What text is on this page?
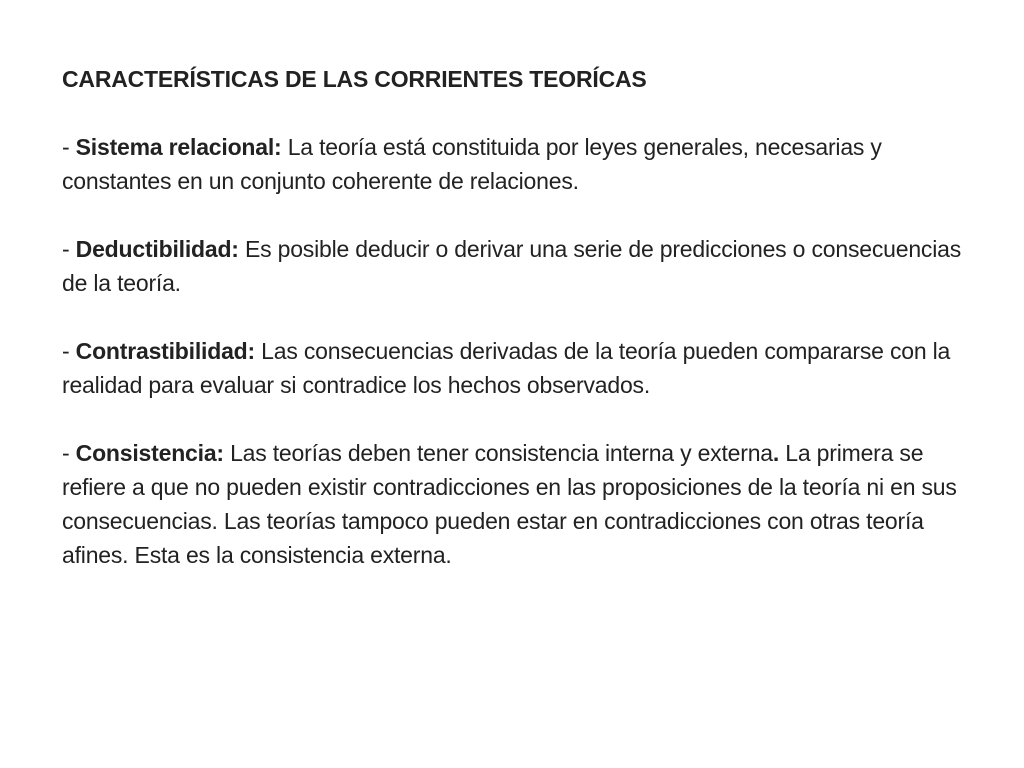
CARACTERÍSTICAS DE LAS CORRIENTES TEORÍCAS
- Sistema relacional: La teoría está constituida por leyes generales, necesarias y constantes en un conjunto coherente de relaciones.
- Deductibilidad: Es posible deducir o derivar una serie de predicciones o consecuencias de la teoría.
- Contrastibilidad: Las consecuencias derivadas de la teoría pueden compararse con la realidad para evaluar si contradice los hechos observados.
- Consistencia: Las teorías deben tener consistencia interna y externa. La primera se refiere a que no pueden existir contradicciones en las proposiciones de la teoría ni en sus consecuencias. Las teorías tampoco pueden estar en contradicciones con otras teoría afines. Esta es la consistencia externa.
